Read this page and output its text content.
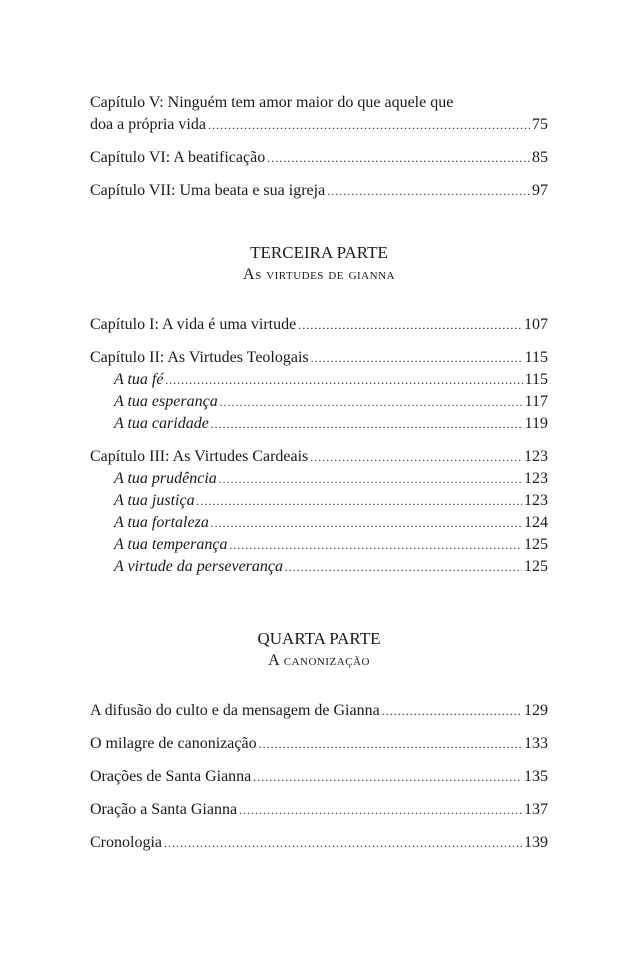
Capítulo V: Ninguém tem amor maior do que aquele que
doa a própria vida .....	75
Capítulo VI: A beatificação .....	85
Capítulo VII: Uma beata e sua igreja .....	97
TERCEIRA PARTE
As virtudes de gianna
Capítulo I: A vida é uma virtude .....	107
Capítulo II: As Virtudes Teologais .....	115
A tua fé .....	115
A tua esperança .....	117
A tua caridade .....	119
Capítulo III: As Virtudes Cardeais .....	123
A tua prudência .....	123
A tua justiça .....	123
A tua fortaleza .....	124
A tua temperança .....	125
A virtude da perseverança .....	125
QUARTA PARTE
A canonização
A difusão do culto e da mensagem de Gianna .....	129
O milagre de canonização .....	133
Orações de Santa Gianna .....	135
Oração a Santa Gianna .....	137
Cronologia .....	139
